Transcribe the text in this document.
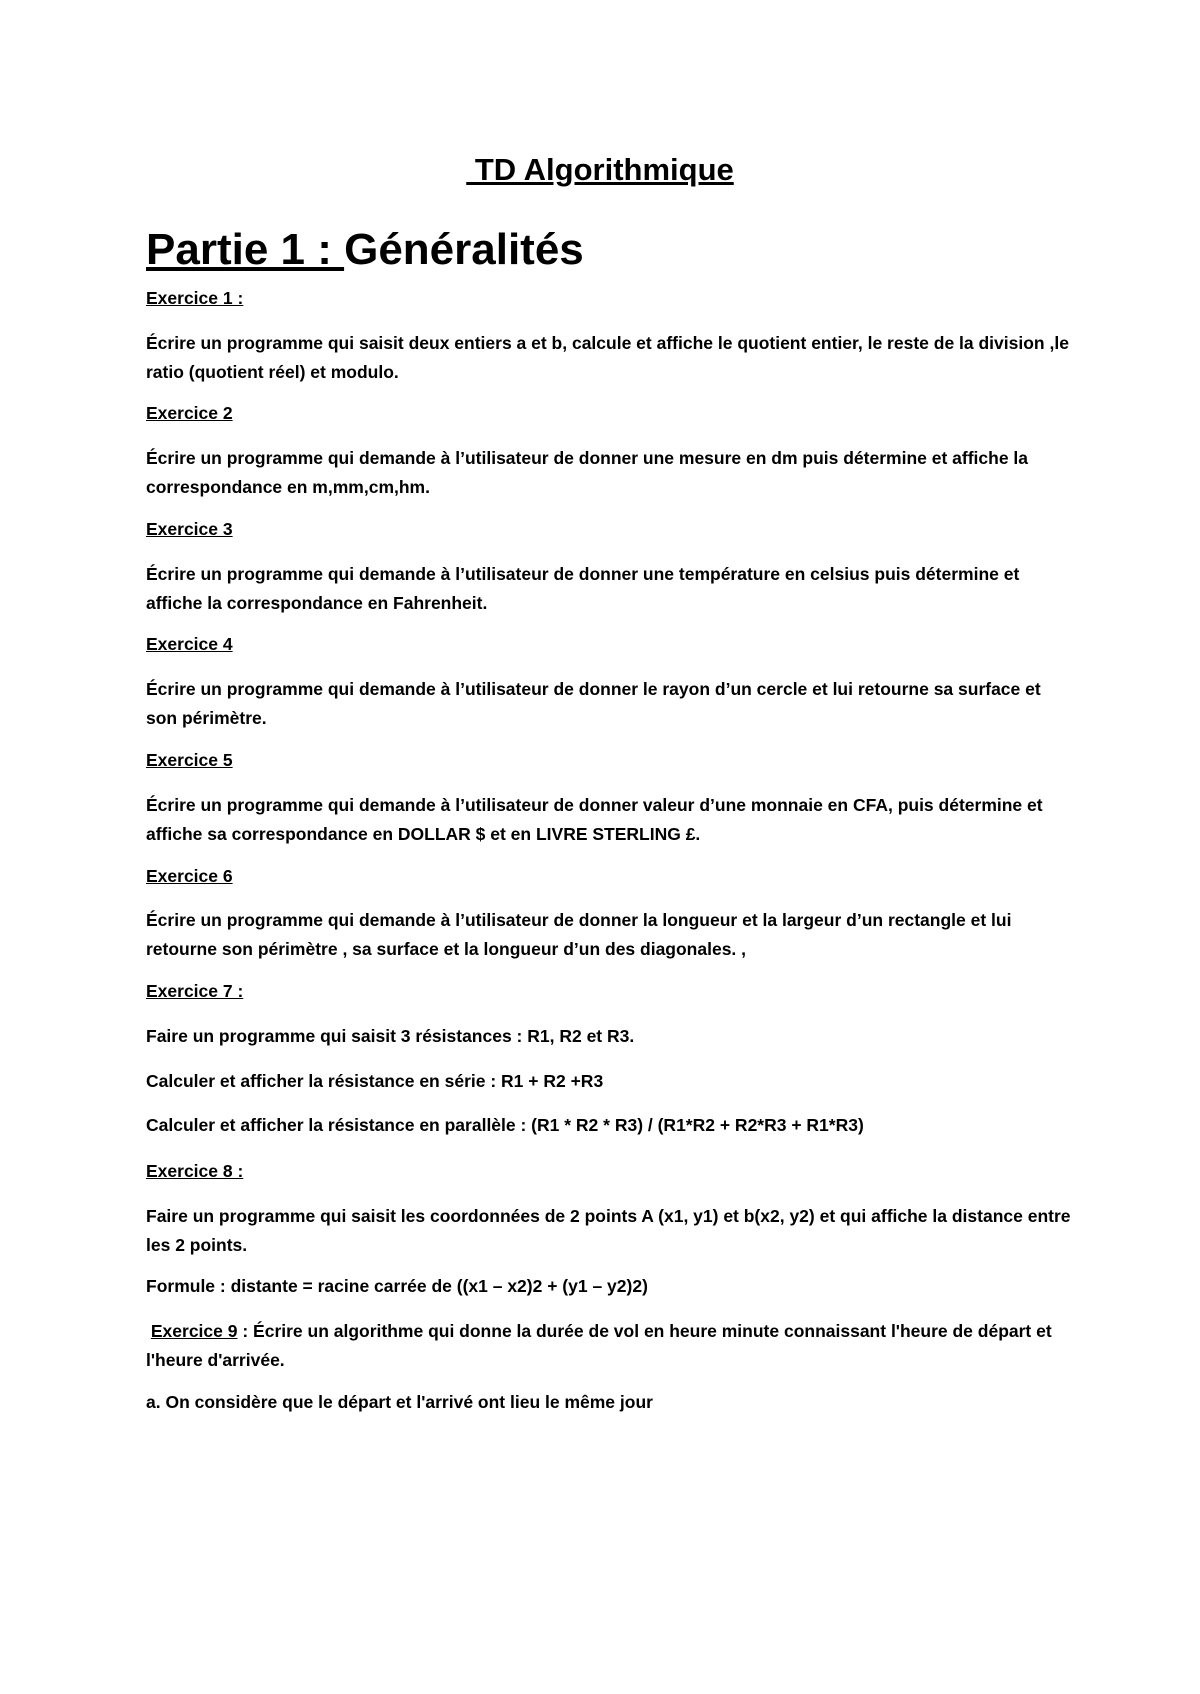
TD Algorithmique
Partie 1 : Généralités
Exercice 1 :
Écrire un programme qui saisit deux entiers a et b, calcule et affiche le quotient entier, le reste de la division ,le ratio (quotient réel) et modulo.
Exercice 2
Écrire un programme qui demande à l’utilisateur de donner une mesure en dm puis détermine et affiche la correspondance en m,mm,cm,hm.
Exercice 3
Écrire un programme qui demande à l’utilisateur de donner une température en celsius puis détermine et affiche la correspondance en Fahrenheit.
Exercice 4
Écrire un programme qui demande à l’utilisateur de donner le rayon d’un cercle et lui retourne sa surface et son périmètre.
Exercice 5
Écrire un programme qui demande à l’utilisateur de donner valeur d’une monnaie en CFA, puis détermine et affiche sa correspondance en DOLLAR $ et en LIVRE STERLING £.
Exercice 6
Écrire un programme qui demande à l’utilisateur de donner la longueur et la largeur d’un rectangle et lui retourne son périmètre , sa surface et la longueur d’un des diagonales. ,
Exercice 7 :
Faire un programme qui saisit 3 résistances : R1, R2 et R3.
Calculer et afficher la résistance en série : R1 + R2 +R3
Calculer et afficher la résistance en parallèle : (R1 * R2 * R3) / (R1*R2 + R2*R3 + R1*R3)
Exercice 8 :
Faire un programme qui saisit les coordonnées de 2 points A (x1, y1) et b(x2, y2) et qui affiche la distance entre les 2 points.
Formule : distante = racine carrée de ((x1 – x2)2 + (y1 – y2)2)
Exercice 9 : Écrire un algorithme qui donne la durée de vol en heure minute connaissant l'heure de départ et l'heure d'arrivée.
a. On considère que le départ et l'arrivé ont lieu le même jour
